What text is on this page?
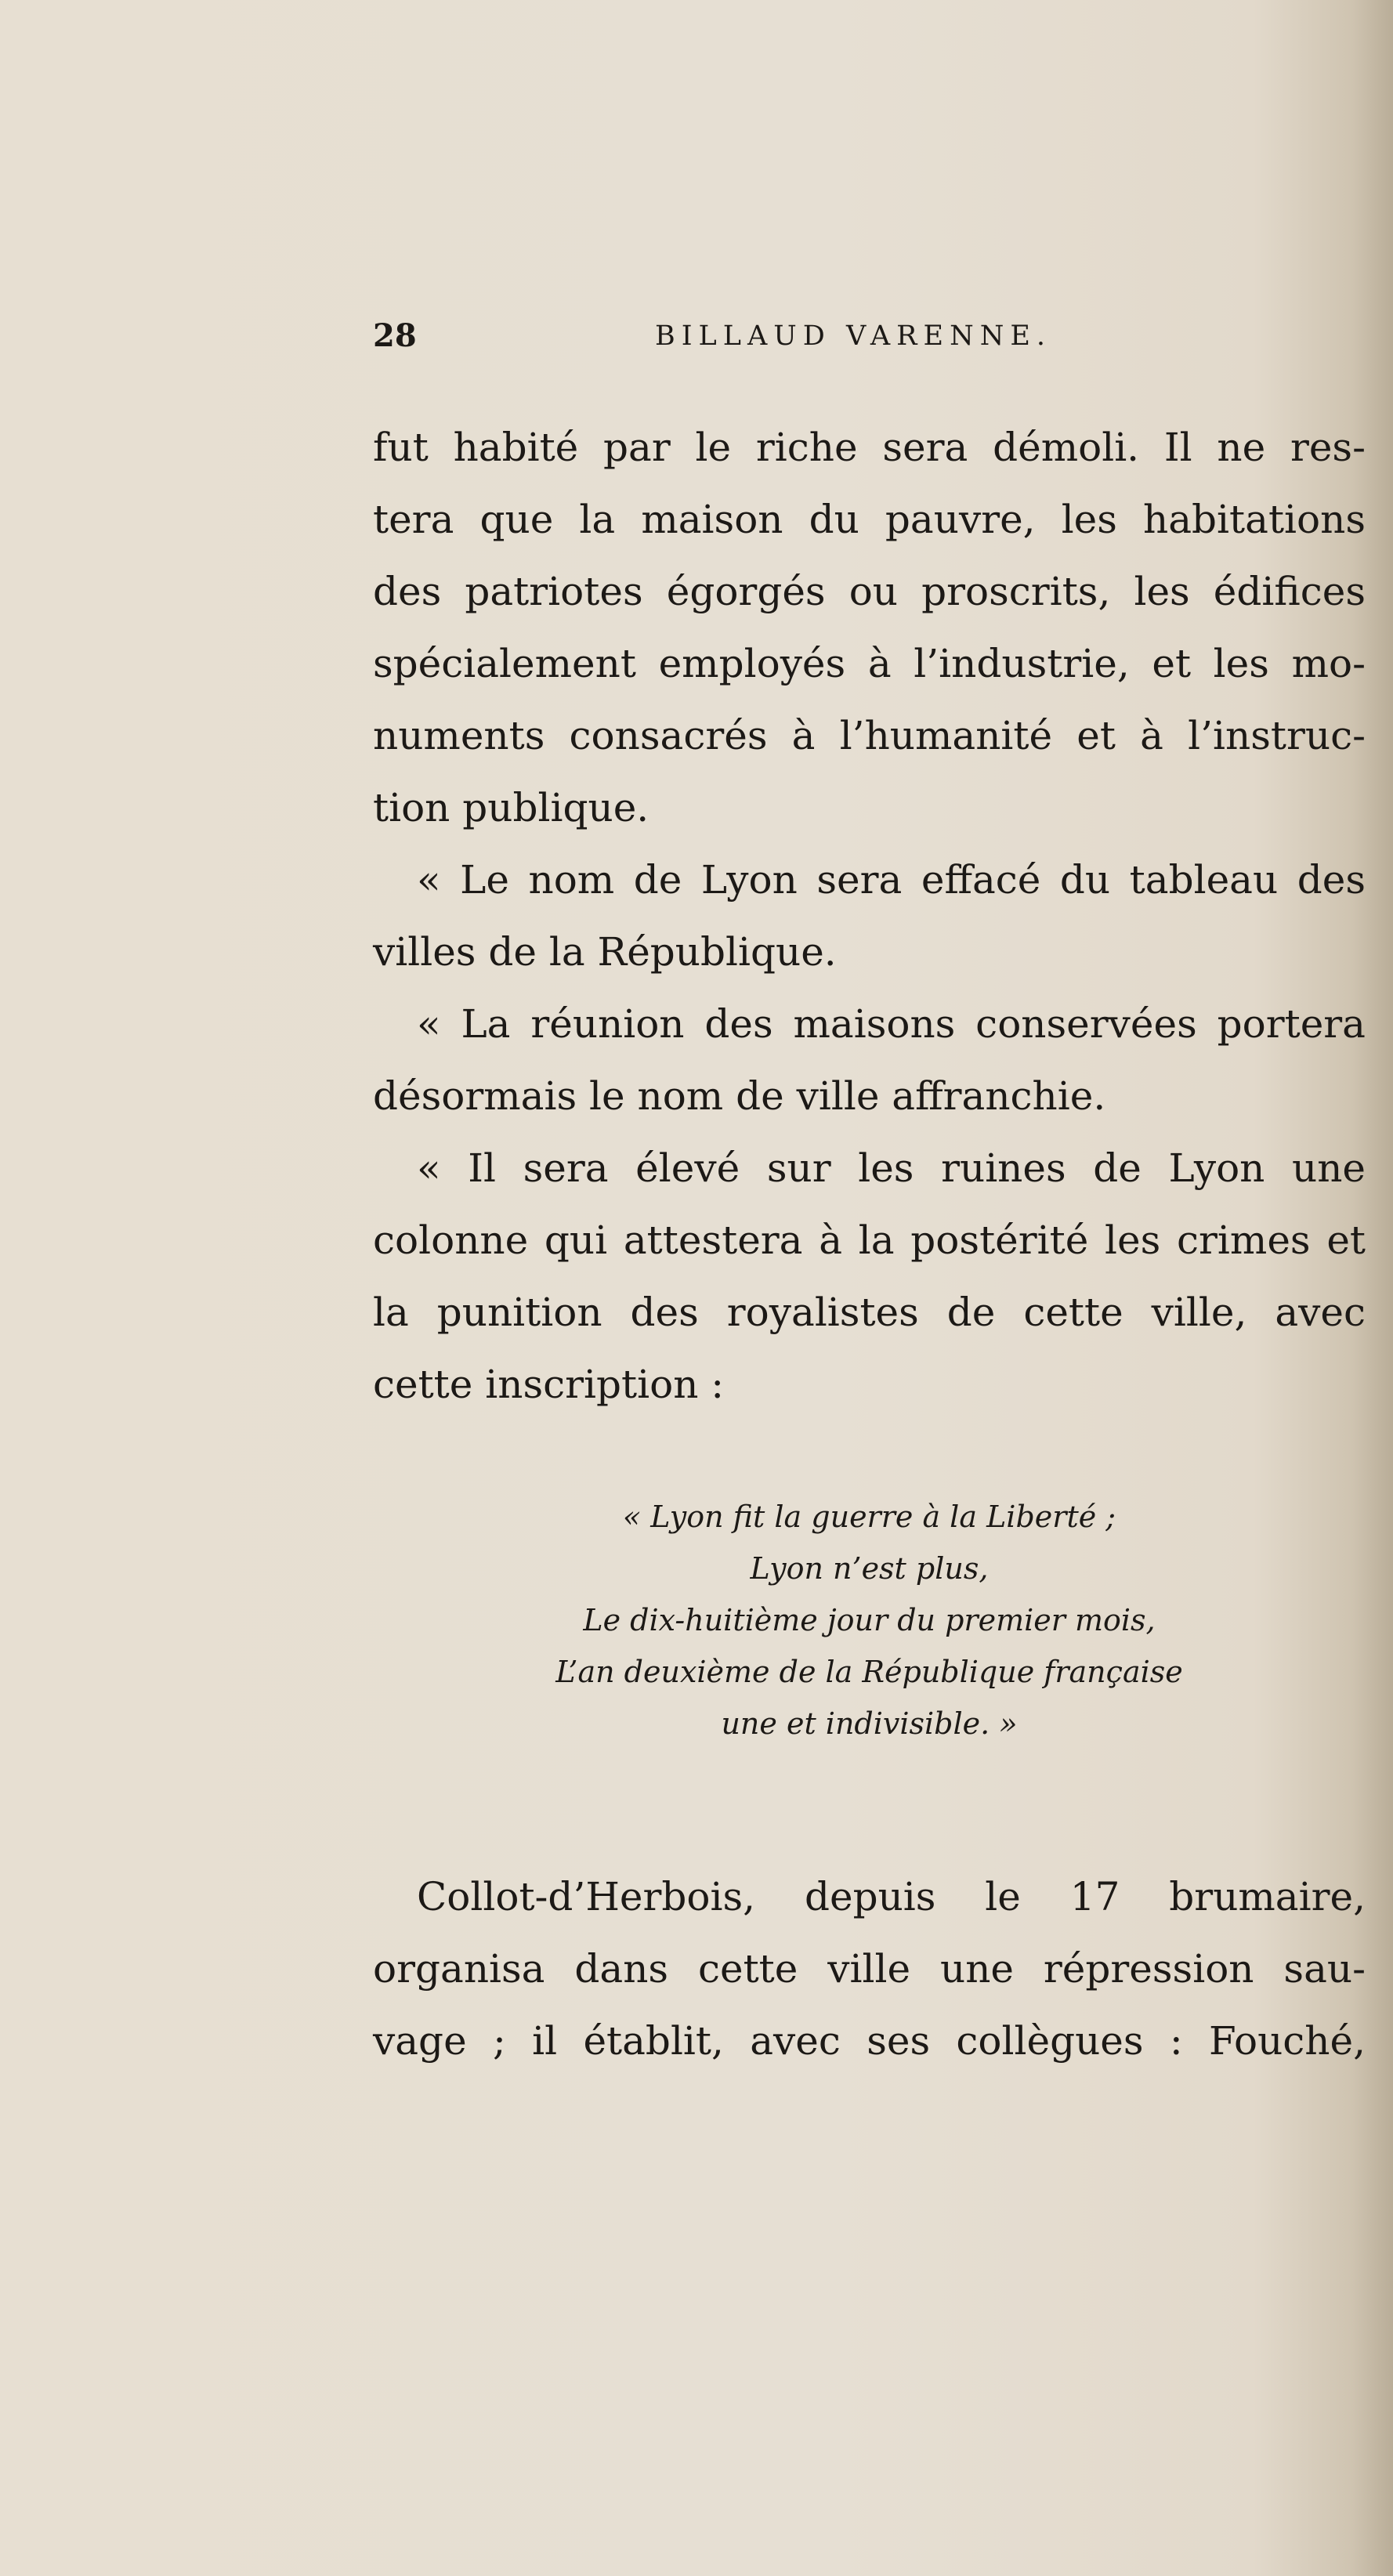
28	BILLAUD VARENNE.
fut habité par le riche sera démoli. Il ne res-
tera que la maison du pauvre, les habitations
des patriotes égorgés ou proscrits, les édifices
spécialement employés à l’industrie, et les mo-
numents consacrés à l’humanité et à l’instruc-
tion publique.
« Le nom de Lyon sera effacé du tableau des
villes de la République.
« La réunion des maisons conservées portera
désormais le nom de ville affranchie.
« Il sera élevé sur les ruines de Lyon une
colonne qui attestera à la postérité les crimes et
la punition des royalistes de cette ville, avec
cette inscription :
« Lyon fit la guerre à la Liberté ;
Lyon n’est plus,
Le dix-huitième jour du premier mois,
L’an deuxième de la République française
une et indivisible. »
Collot-d’Herbois, depuis le 17 brumaire,
organisa dans cette ville une répression sau-
vage ; il établit, avec ses collègues : Fouché,
